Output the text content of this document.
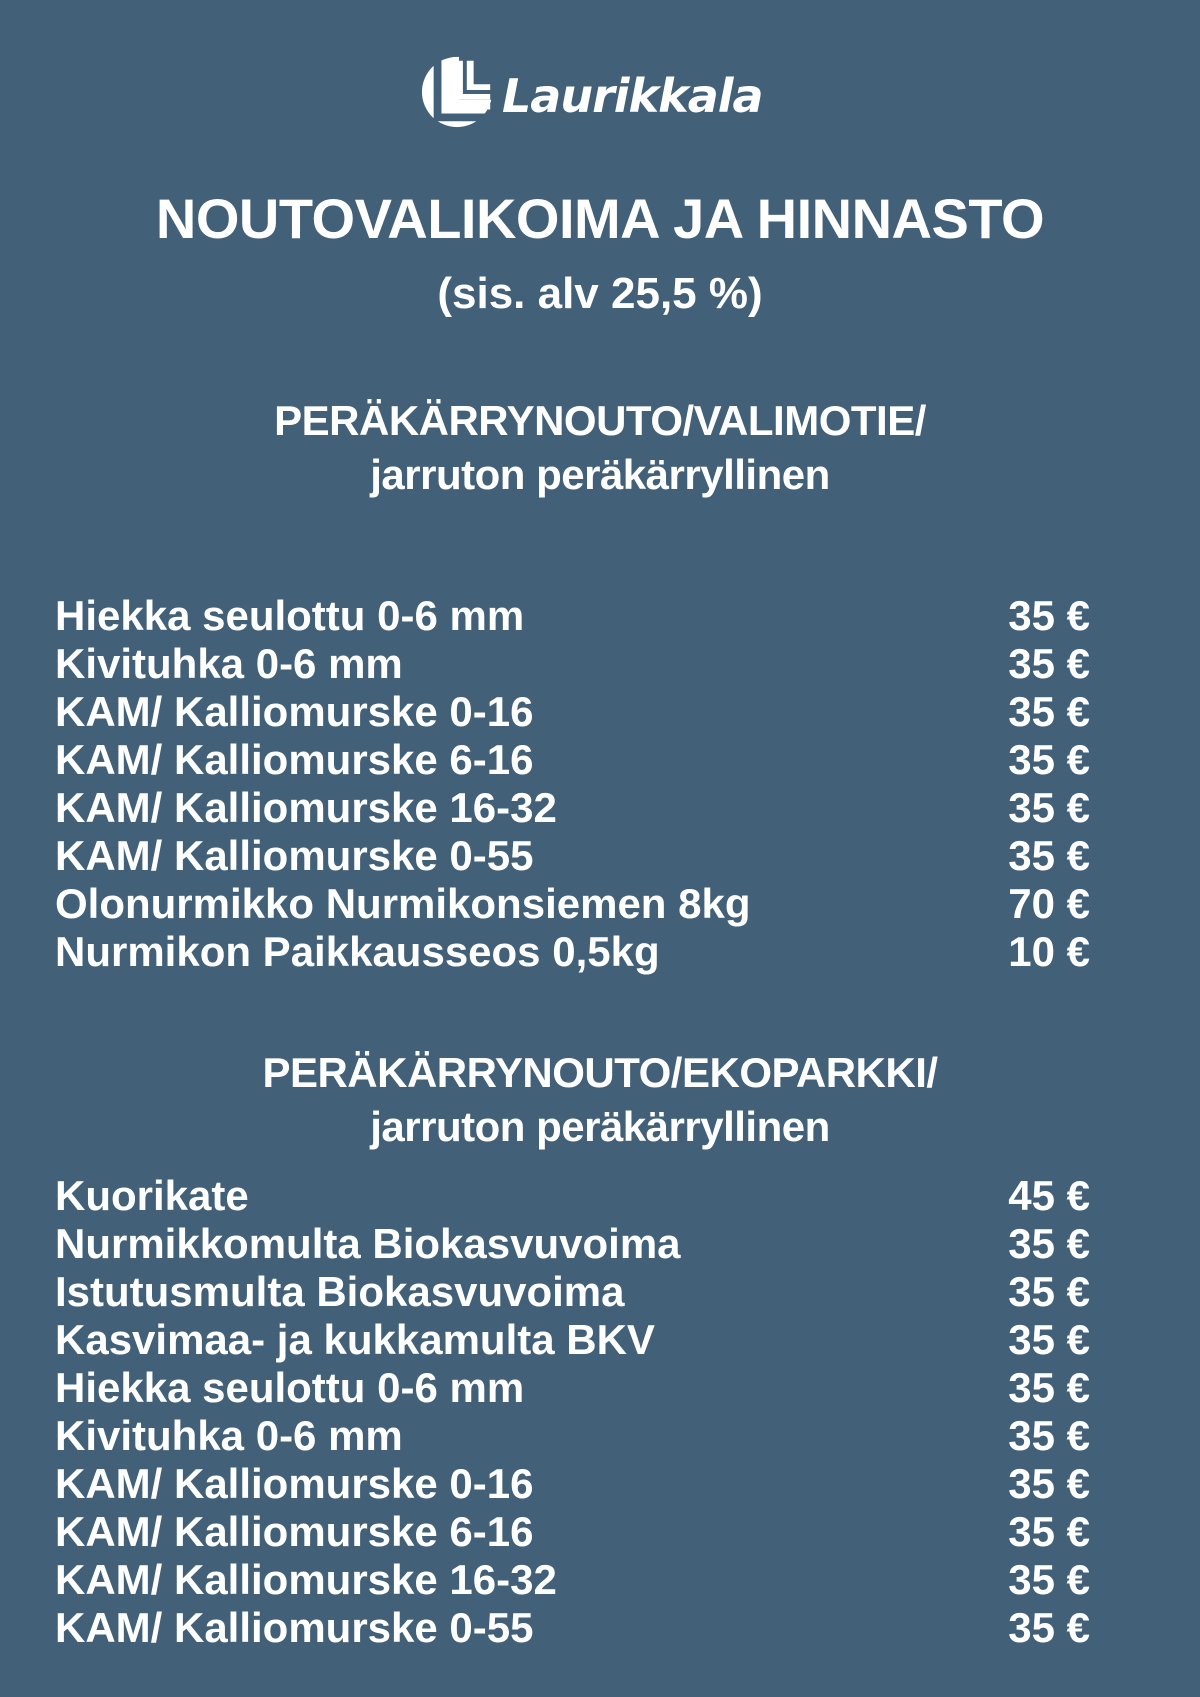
Laurikkala
NOUTOVALIKOIMA JA HINNASTO
(sis. alv 25,5 %)
PERÄKÄRRYNOUTO/VALIMOTIE/
jarruton peräkärryllinen
Hiekka seulottu 0-6 mm	35 €
Kivituhka 0-6 mm	35 €
KAM/ Kalliomurske 0-16	35 €
KAM/ Kalliomurske 6-16	35 €
KAM/ Kalliomurske 16-32	35 €
KAM/ Kalliomurske 0-55	35 €
Olonurmikko Nurmikonsiemen 8kg	70 €
Nurmikon Paikkausseos 0,5kg	10 €
PERÄKÄRRYNOUTO/EKOPARKKI/
jarruton peräkärryllinen
Kuorikate	45 €
Nurmikkomulta Biokasvuvoima	35 €
Istutusmulta Biokasvuvoima	35 €
Kasvimaa- ja kukkamulta BKV	35 €
Hiekka seulottu 0-6 mm	35 €
Kivituhka 0-6 mm	35 €
KAM/ Kalliomurske 0-16	35 €
KAM/ Kalliomurske 6-16	35 €
KAM/ Kalliomurske 16-32	35 €
KAM/ Kalliomurske 0-55	35 €
